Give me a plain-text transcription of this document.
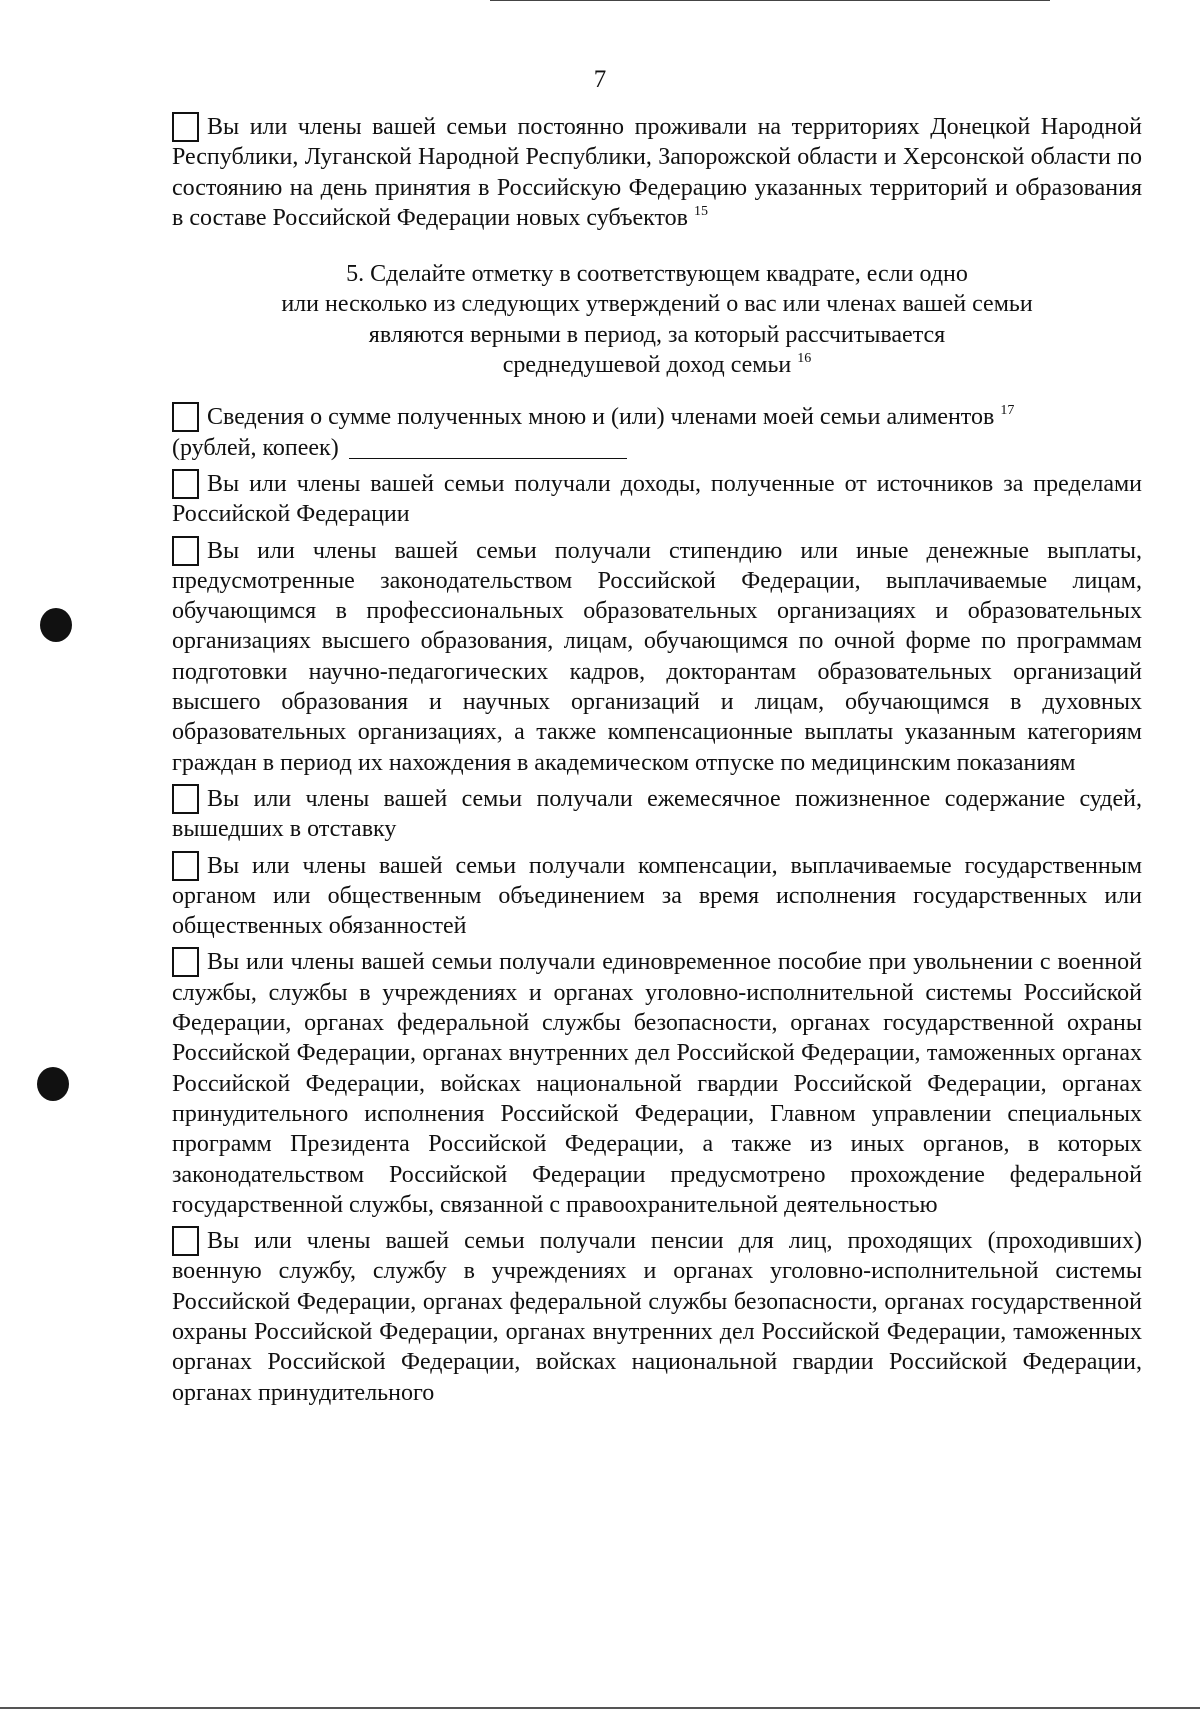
7
Вы или члены вашей семьи постоянно проживали на территориях Донецкой Народной Республики, Луганской Народной Республики, Запорожской области и Херсонской области по состоянию на день принятия в Российскую Федерацию указанных территорий и образования в составе Российской Федерации новых субъектов $^{15}$
5. Сделайте отметку в соответствующем квадрате, если одно
или несколько из следующих утверждений о вас или членах вашей семьи
являются верными в период, за который рассчитывается
среднедушевой доход семьи $^{16}$
Сведения о сумме полученных мною и (или) членами моей семьи алиментов $^{17}$
(рублей, копеек)
Вы или члены вашей семьи получали доходы, полученные от источников за пределами Российской Федерации
Вы или члены вашей семьи получали стипендию или иные денежные выплаты, предусмотренные законодательством Российской Федерации, выплачиваемые лицам, обучающимся в профессиональных образовательных организациях и образовательных организациях высшего образования, лицам, обучающимся по очной форме по программам подготовки научно-педагогических кадров, докторантам образовательных организаций высшего образования и научных организаций и лицам, обучающимся в духовных образовательных организациях, а также компенсационные выплаты указанным категориям граждан в период их нахождения в академическом отпуске по медицинским показаниям
Вы или члены вашей семьи получали ежемесячное пожизненное содержание судей, вышедших в отставку
Вы или члены вашей семьи получали компенсации, выплачиваемые государственным органом или общественным объединением за время исполнения государственных или общественных обязанностей
Вы или члены вашей семьи получали единовременное пособие при увольнении с военной службы, службы в учреждениях и органах уголовно-исполнительной системы Российской Федерации, органах федеральной службы безопасности, органах государственной охраны Российской Федерации, органах внутренних дел Российской Федерации, таможенных органах Российской Федерации, войсках национальной гвардии Российской Федерации, органах принудительного исполнения Российской Федерации, Главном управлении специальных программ Президента Российской Федерации, а также из иных органов, в которых законодательством Российской Федерации предусмотрено прохождение федеральной государственной службы, связанной с правоохранительной деятельностью
Вы или члены вашей семьи получали пенсии для лиц, проходящих (проходивших) военную службу, службу в учреждениях и органах уголовно-исполнительной системы Российской Федерации, органах федеральной службы безопасности, органах государственной охраны Российской Федерации, органах внутренних дел Российской Федерации, таможенных органах Российской Федерации, войсках национальной гвардии Российской Федерации, органах принудительного
